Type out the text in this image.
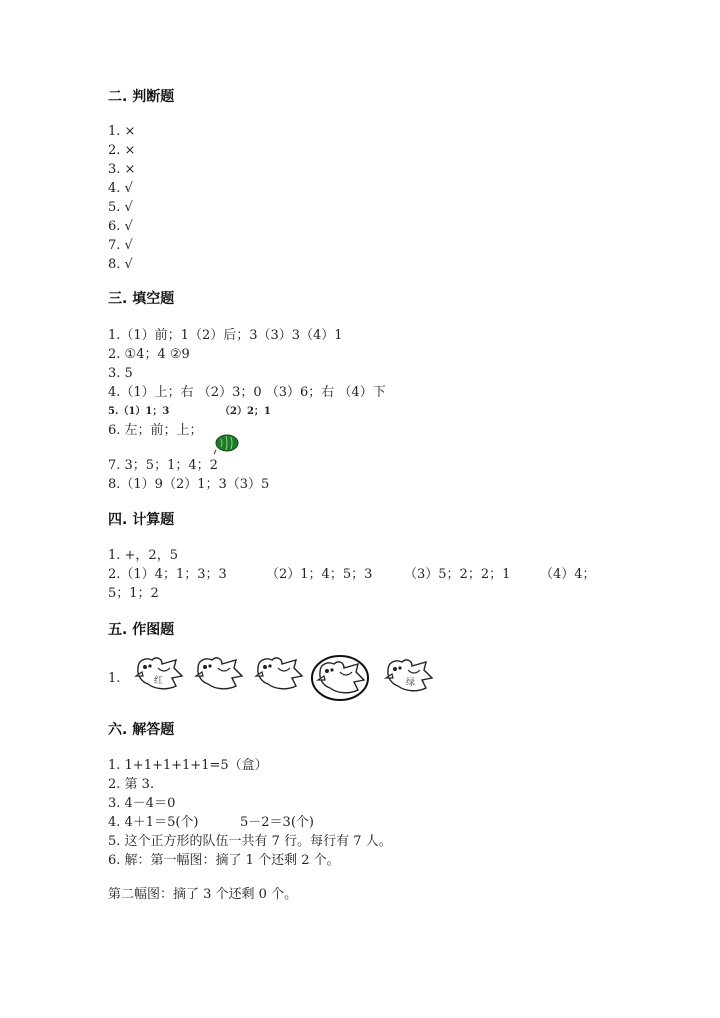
二. 判断题

1. ×

2. ×

3. ×

4. √

5. √

6. √

7. √

8. √

三. 填空题

1.（1）前；1（2）后；3（3）3（4）1

2. ①4；4 ②9

3. 5

4.（1）上；右 （2）3；0 （3）6；右 （4）下

5.（1）1；3

	（2）2；1

6. 左；前；上；

7. 3；5；1；4；2

8.（1）9（2）1；3（3）5

四. 计算题

1. +，2，5

2.（1）4；1；3；3

	（2）1；4；5；3

（3）5；2；2；1

（4）4；

5；1；2

五. 作图题

1.	红	绿
六. 解答题

1. 1+1+1+1+1=5（盒）

2. 第 3.

3. 4－4＝0

4. 4＋1＝5(个)

	5－2＝3(个)

5. 这个正方形的队伍一共有 7 行。每行有 7 人。

6. 解：第一幅图：摘了 1 个还剩 2 个。

第二幅图：摘了 3 个还剩 0 个。
